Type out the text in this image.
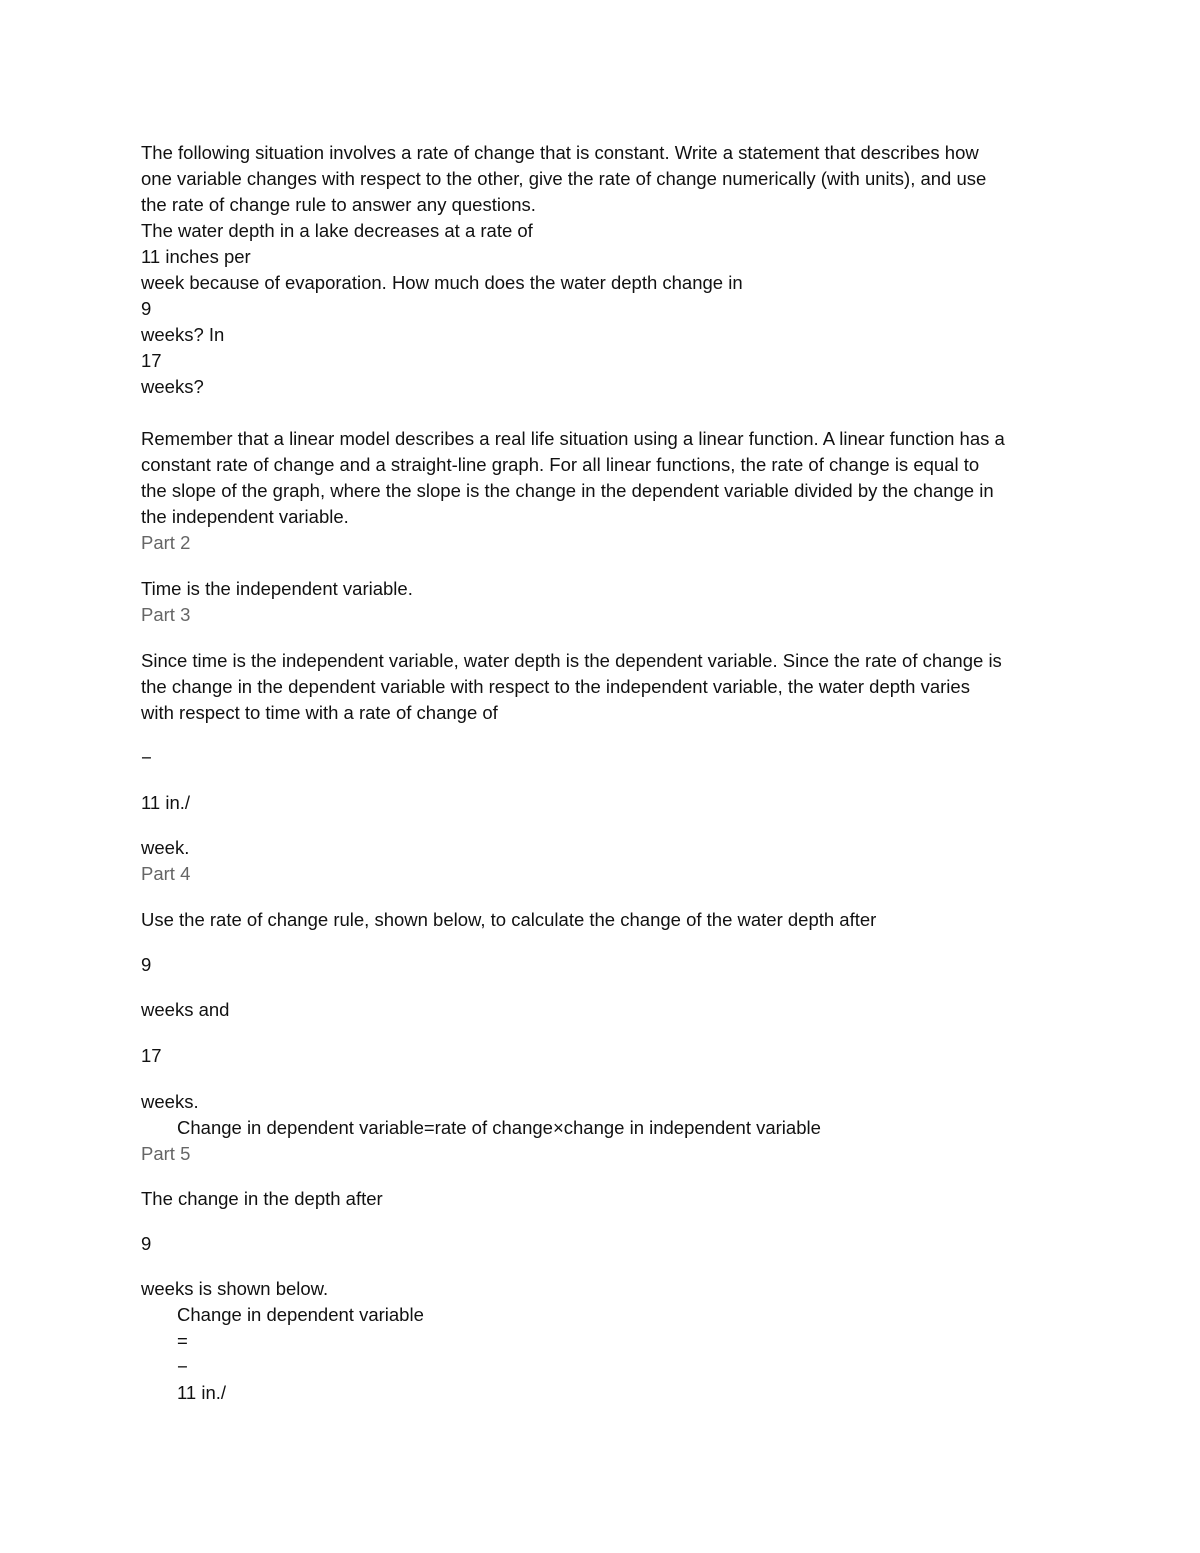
The following situation involves a rate of change that is constant. Write a statement that describes how
one variable changes with respect to the other, give the rate of change numerically (with units), and use
the rate of change rule to answer any questions.
The water depth in a lake decreases at a rate of
11 inches per
week because of evaporation. How much does the water depth change in
9
weeks? In
17
weeks?
Remember that a linear model describes a real life situation using a linear function. A linear function has a
constant rate of change and a straight-line graph. For all linear functions, the rate of change is equal to
the slope of the graph, where the slope is the change in the dependent variable divided by the change in
the independent variable.
Part 2
Time is the independent variable.
Part 3
Since time is the independent variable, water depth is the dependent variable. Since the rate of change is
the change in the dependent variable with respect to the independent variable, the water depth varies
with respect to time with a rate of change of
−
11 in./
week.
Part 4
Use the rate of change rule, shown below, to calculate the change of the water depth after
9
weeks and
17
weeks.
Change in dependent variable=rate of change×change in independent variable
Part 5
The change in the depth after
9
weeks is shown below.
Change in dependent variable
=
−
11 in./
